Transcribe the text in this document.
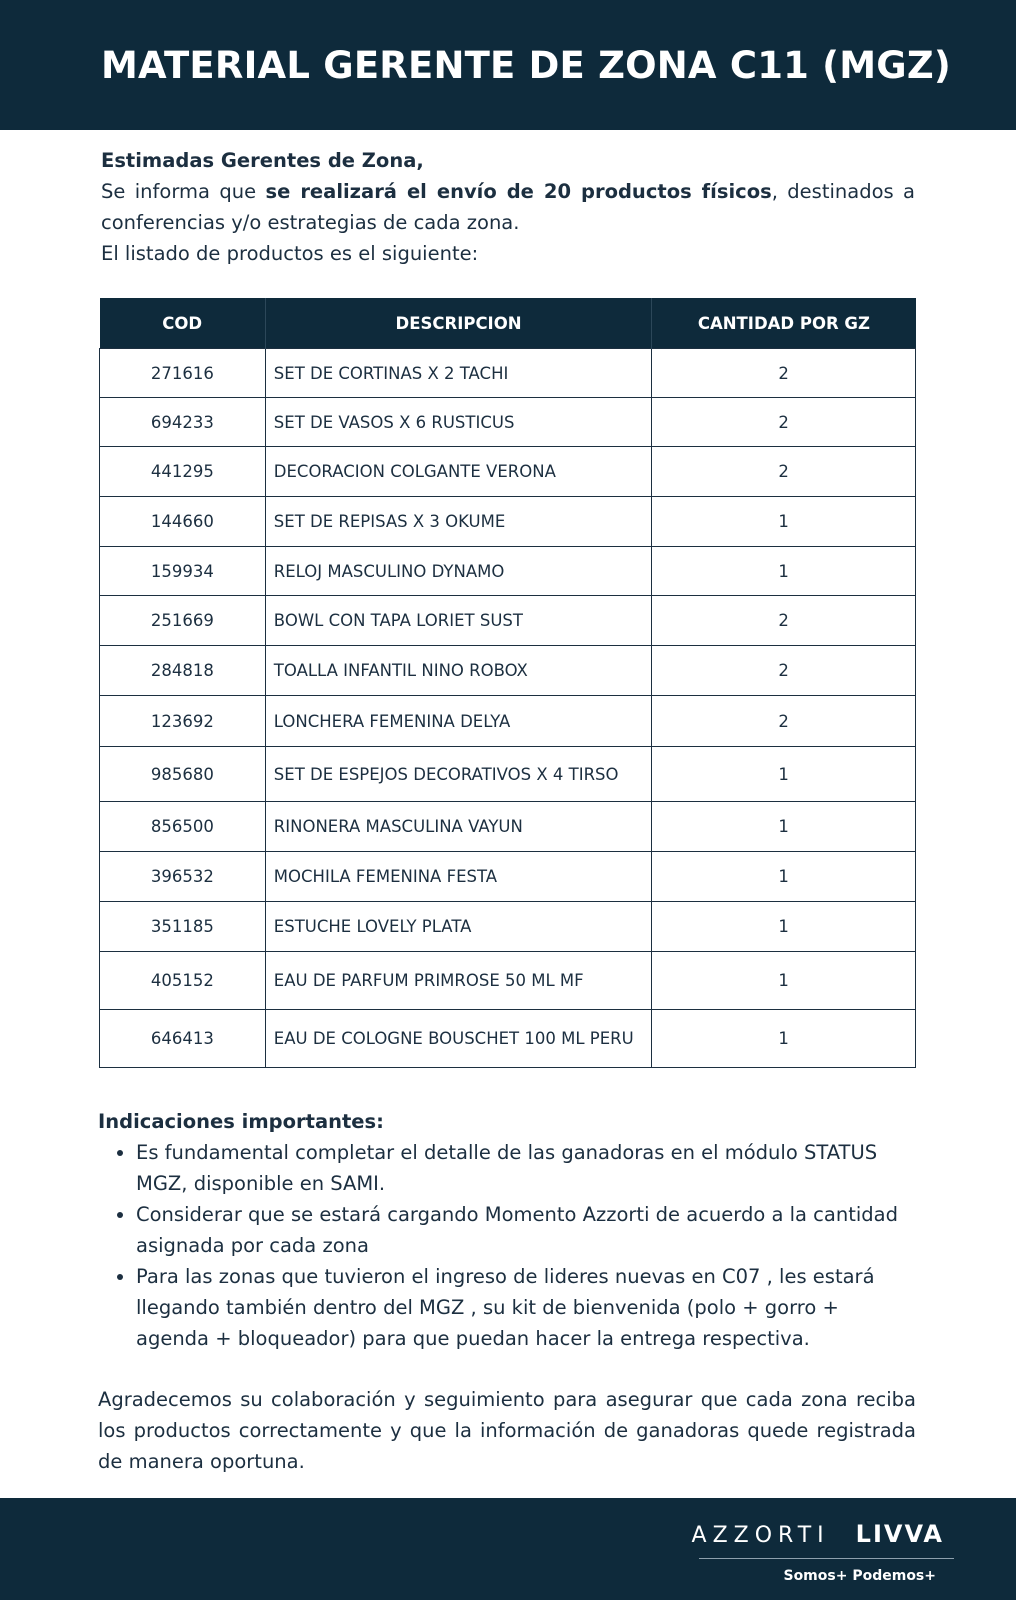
MATERIAL GERENTE DE ZONA C11 (MGZ)

Estimadas Gerentes de Zona,

Se informa que se realizará el envío de 20 productos físicos, destinados a conferencias y/o estrategias de cada zona.

El listado de productos es el siguiente:

COD	DESCRIPCION	CANTIDAD POR GZ
271616	SET DE CORTINAS X 2 TACHI	2
694233	SET DE VASOS X 6 RUSTICUS	2
441295	DECORACION COLGANTE VERONA	2
144660	SET DE REPISAS X 3 OKUME	1
159934	RELOJ MASCULINO DYNAMO	1
251669	BOWL CON TAPA LORIET SUST	2
284818	TOALLA INFANTIL NINO ROBOX	2
123692	LONCHERA FEMENINA DELYA	2
985680	SET DE ESPEJOS DECORATIVOS X 4 TIRSO	1
856500	RINONERA MASCULINA VAYUN	1
396532	MOCHILA FEMENINA FESTA	1
351185	ESTUCHE LOVELY PLATA	1
405152	EAU DE PARFUM PRIMROSE 50 ML MF	1
646413	EAU DE COLOGNE BOUSCHET 100 ML PERU	1

Indicaciones importantes:

• Es fundamental completar el detalle de las ganadoras en el módulo STATUS MGZ, disponible en SAMI.
• Considerar que se estará cargando Momento Azzorti de acuerdo a la cantidad asignada por cada zona
• Para las zonas que tuvieron el ingreso de lideres nuevas en C07 , les estará llegando también dentro del MGZ , su kit de bienvenida (polo + gorro + agenda + bloqueador) para que puedan hacer la entrega respectiva.

Agradecemos su colaboración y seguimiento para asegurar que cada zona reciba los productos correctamente y que la información de ganadoras quede registrada de manera oportuna.

AZZORTI LIVVA
Somos+ Podemos+
